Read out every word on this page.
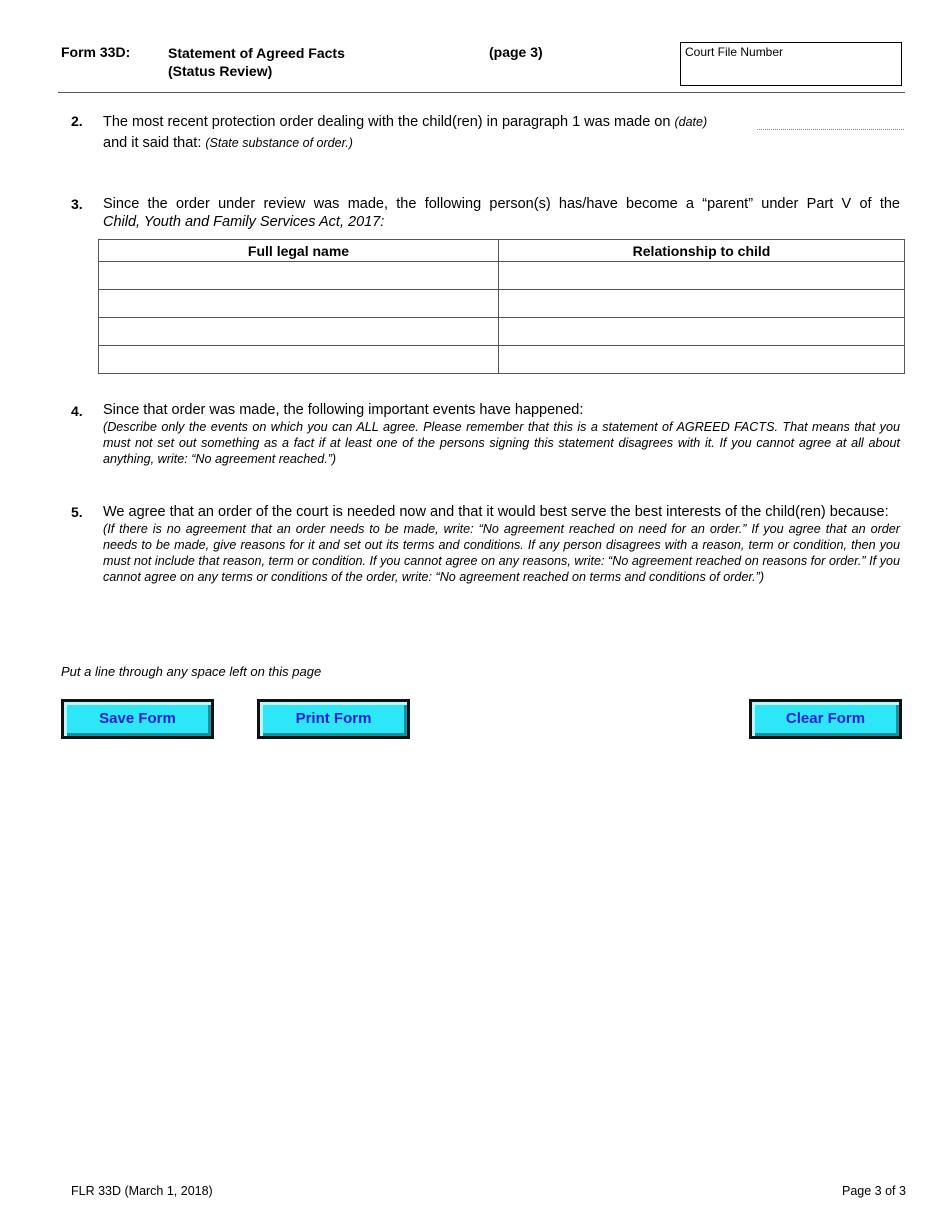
Form 33D:	Statement of Agreed Facts
(Status Review)
(page 3)	Court File Number
2. The most recent protection order dealing with the child(ren) in paragraph 1 was made on (date)
and it said that: (State substance of order.)
3. Since the order under review was made, the following person(s) has/have become a “parent” under Part V of the
Child, Youth and Family Services Act, 2017:
Full legal name	Relationship to child

4. Since that order was made, the following important events have happened:
(Describe only the events on which you can ALL agree. Please remember that this is a statement of AGREED FACTS. That means that you must not set out something as a fact if at least one of the persons signing this statement disagrees with it. If you cannot agree at all about anything, write: “No agreement reached.”)
5. We agree that an order of the court is needed now and that it would best serve the best interests of the child(ren) because:
(If there is no agreement that an order needs to be made, write: “No agreement reached on need for an order.” If you agree that an order needs to be made, give reasons for it and set out its terms and conditions. If any person disagrees with a reason, term or condition, then you must not include that reason, term or condition. If you cannot agree on any reasons, write: “No agreement reached on reasons for order.” If you cannot agree on any terms or conditions of the order, write: “No agreement reached on terms and conditions of order.”)
Put a line through any space left on this page
Save Form	Print Form	Clear Form
FLR 33D (March 1, 2018)	Page 3 of 3
